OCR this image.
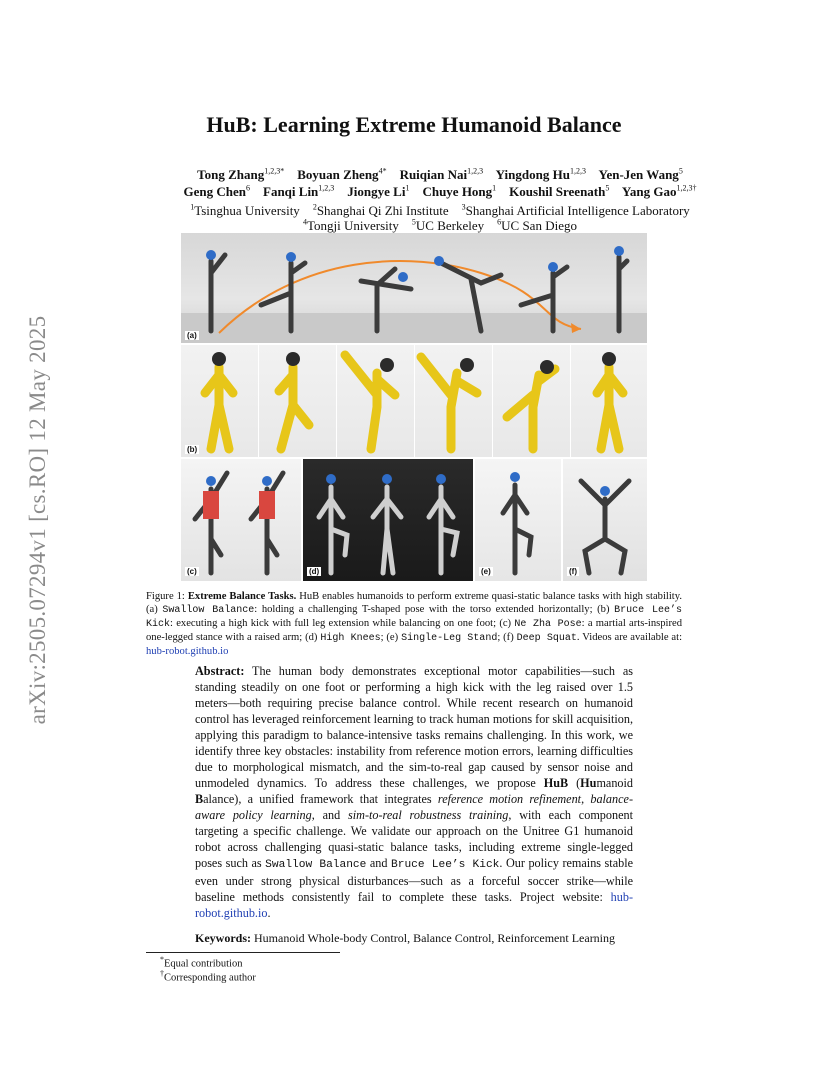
arXiv:2505.07294v1 [cs.RO] 12 May 2025
HuB: Learning Extreme Humanoid Balance
Tong Zhang$^{1,2,3*}$ Boyuan Zheng$^{4*}$ Ruiqian Nai$^{1,2,3}$ Yingdong Hu$^{1,2,3}$ Yen-Jen Wang$^5$
Geng Chen$^6$ Fanqi Lin$^{1,2,3}$ Jiongye Li$^1$ Chuye Hong$^1$ Koushil Sreenath$^5$ Yang Gao$^{1,2,3\dagger}$
$^1$Tsinghua University $^2$Shanghai Qi Zhi Institute $^3$Shanghai Artificial Intelligence Laboratory
$^4$Tongji University $^5$UC Berkeley $^6$UC San Diego
(a)
(b)
(c)	(d)	(e)	(f)
Figure 1: Extreme Balance Tasks. HuB enables humanoids to perform extreme quasi-static balance tasks with high stability. (a) Swallow Balance: holding a challenging T-shaped pose with the torso extended horizontally; (b) Bruce Lee’s Kick: executing a high kick with full leg extension while balancing on one foot; (c) Ne Zha Pose: a martial arts-inspired one-legged stance with a raised arm; (d) High Knees; (e) Single-Leg Stand; (f) Deep Squat. Videos are available at: hub-robot.github.io
Abstract: The human body demonstrates exceptional motor capabilities—such as standing steadily on one foot or performing a high kick with the leg raised over 1.5 meters—both requiring precise balance control. While recent research on humanoid control has leveraged reinforcement learning to track human motions for skill acquisition, applying this paradigm to balance-intensive tasks remains challenging. In this work, we identify three key obstacles: instability from reference motion errors, learning difficulties due to morphological mismatch, and the sim-to-real gap caused by sensor noise and unmodeled dynamics. To address these challenges, we propose HuB (Humanoid Balance), a unified framework that integrates reference motion refinement, balance-aware policy learning, and sim-to-real robustness training, with each component targeting a specific challenge. We validate our approach on the Unitree G1 humanoid robot across challenging quasi-static balance tasks, including extreme single-legged poses such as Swallow Balance and Bruce Lee’s Kick. Our policy remains stable even under strong physical disturbances—such as a forceful soccer strike—while baseline methods consistently fail to complete these tasks. Project website: hub-robot.github.io.
Keywords: Humanoid Whole-body Control, Balance Control, Reinforcement Learning
*Equal contribution
†Corresponding author
